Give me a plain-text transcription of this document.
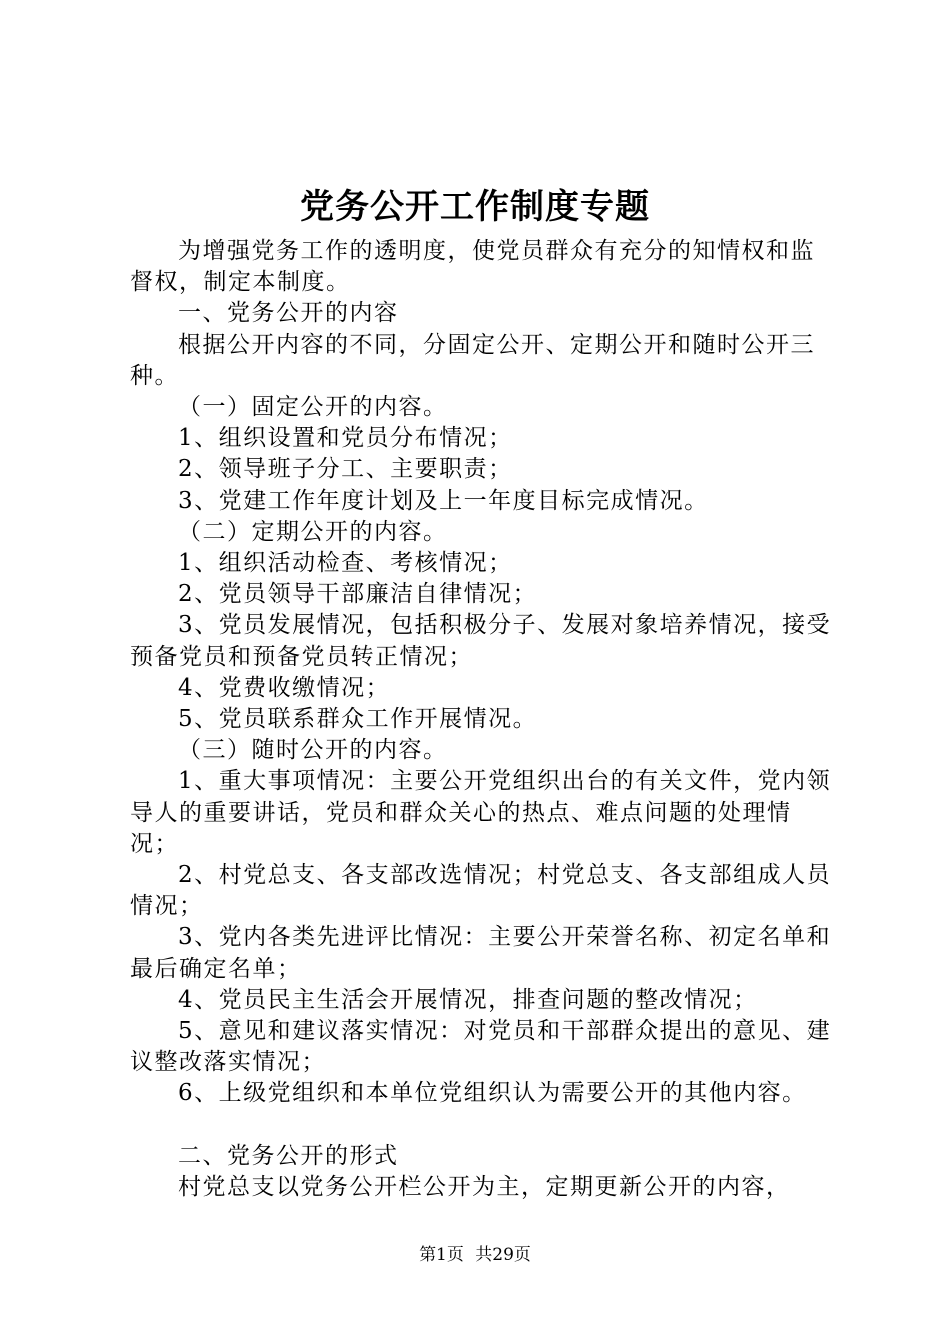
党务公开工作制度专题

为增强党务工作的透明度，使党员群众有充分的知情权和监督权，制定本制度。

一、党务公开的内容

根据公开内容的不同，分固定公开、定期公开和随时公开三种。

（一）固定公开的内容。

1、组织设置和党员分布情况；

2、领导班子分工、主要职责；

3、党建工作年度计划及上一年度目标完成情况。

（二）定期公开的内容。

1、组织活动检查、考核情况；

2、党员领导干部廉洁自律情况；

3、党员发展情况，包括积极分子、发展对象培养情况，接受预备党员和预备党员转正情况；

4、党费收缴情况；

5、党员联系群众工作开展情况。

（三）随时公开的内容。

1、重大事项情况：主要公开党组织出台的有关文件，党内领导人的重要讲话，党员和群众关心的热点、难点问题的处理情况；

2、村党总支、各支部改选情况；村党总支、各支部组成人员情况；

3、党内各类先进评比情况：主要公开荣誉名称、初定名单和最后确定名单；

4、党员民主生活会开展情况，排查问题的整改情况；

5、意见和建议落实情况：对党员和干部群众提出的意见、建议整改落实情况；

6、上级党组织和本单位党组织认为需要公开的其他内容。

二、党务公开的形式

村党总支以党务公开栏公开为主，定期更新公开的内容，

第1页 共29页
